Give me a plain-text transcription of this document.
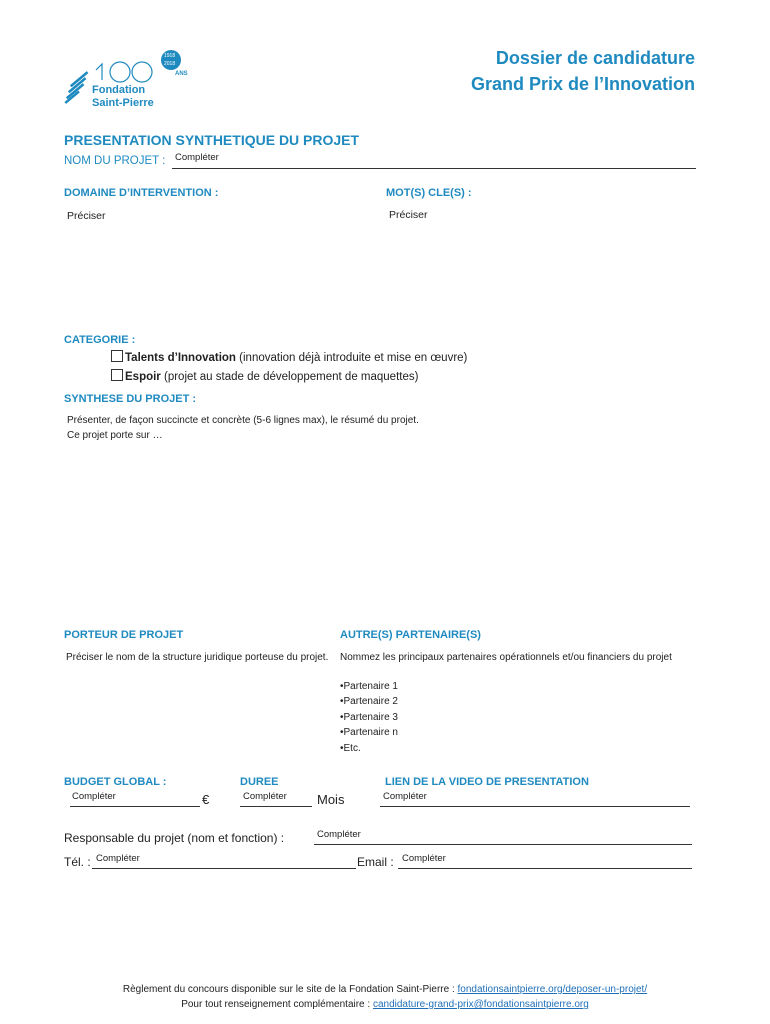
1918
2018
ANS
Fondation
Saint-Pierre
Dossier de candidature
Grand Prix de l’Innovation
PRESENTATION SYNTHETIQUE DU PROJET
NOM DU PROJET : Compléter
DOMAINE D’INTERVENTION :
Préciser
MOT(S) CLE(S) :
Préciser
CATEGORIE :
Talents d’Innovation (innovation déjà introduite et mise en œuvre)
Espoir (projet au stade de développement de maquettes)
SYNTHESE DU PROJET :
Présenter, de façon succincte et concrète (5-6 lignes max), le résumé du projet.
Ce projet porte sur …
PORTEUR DE PROJET
Préciser le nom de la structure juridique porteuse du projet.
AUTRE(S) PARTENAIRE(S)
Nommez les principaux partenaires opérationnels et/ou financiers du projet
•Partenaire 1
•Partenaire 2
•Partenaire 3
•Partenaire n
•Etc.
BUDGET GLOBAL :
Compléter	€
DUREE
Compléter Mois
LIEN DE LA VIDEO DE PRESENTATION
Compléter
Responsable du projet (nom et fonction) :	Compléter
Tél. : Compléter	Email : Compléter
Règlement du concours disponible sur le site de la Fondation Saint-Pierre : fondationsaintpierre.org/deposer-un-projet/
Pour tout renseignement complémentaire : candidature-grand-prix@fondationsaintpierre.org
